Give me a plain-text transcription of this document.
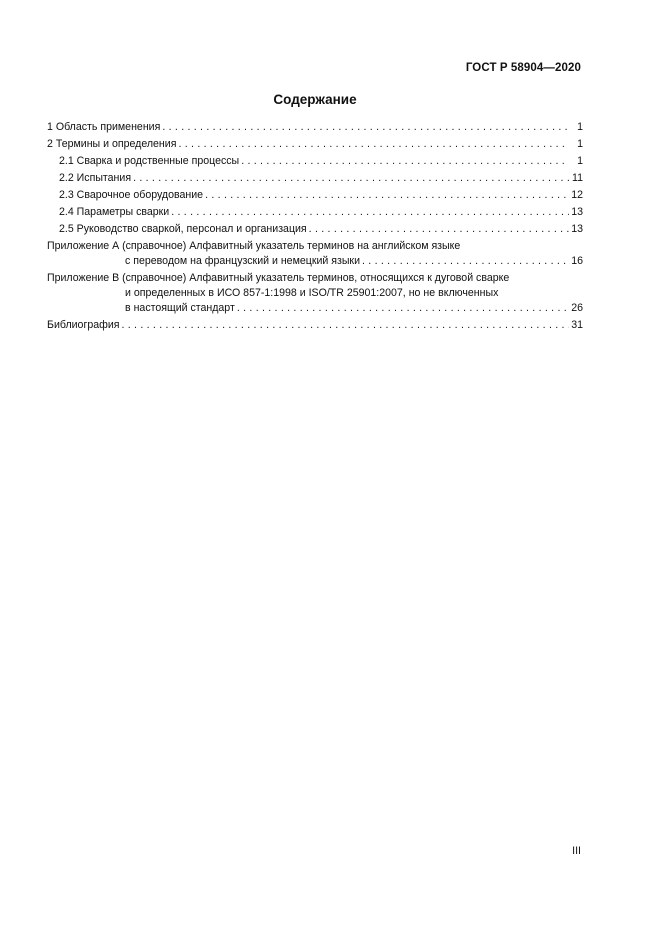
ГОСТ Р 58904—2020
Содержание
1 Область применения . . .	1
2 Термины и определения . . .	1
2.1 Сварка и родственные процессы . . .	1
2.2 Испытания . . .	11
2.3 Сварочное оборудование . . .	12
2.4 Параметры сварки . . .	13
2.5 Руководство сваркой, персонал и организация . . .	13
Приложение А (справочное) Алфавитный указатель терминов на английском языке
с переводом на французский и немецкий языки . . .	16
Приложение В (справочное) Алфавитный указатель терминов, относящихся к дуговой сварке
и определенных в ИСО 857-1:1998 и ISO/TR 25901:2007, но не включенных
в настоящий стандарт . . .	26
Библиография . . .	31
III
